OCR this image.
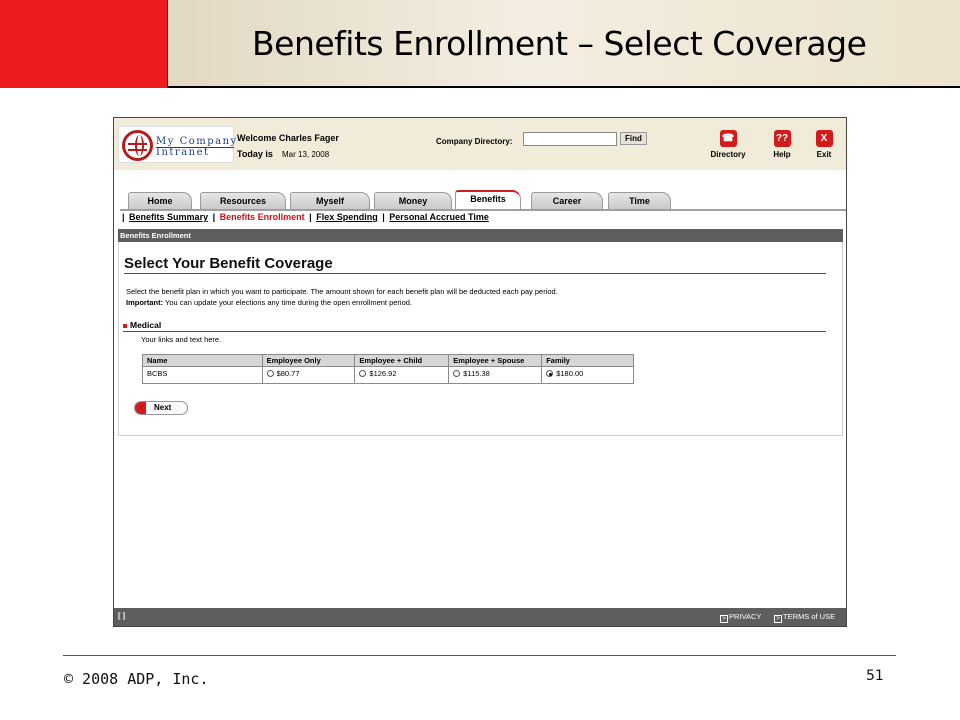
Benefits Enrollment – Select Coverage
My Company
Intranet
Welcome Charles Fager
Today is Mar 13, 2008
Company Directory:	Find	☎
Directory
??
Help
X
Exit
Home	Resources	Myself	Money	Benefits	Career	Time
| Benefits Summary | Benefits Enrollment | Flex Spending | Personal Accrued Time
Benefits Enrollment
Select Your Benefit Coverage
Select the benefit plan in which you want to participate. The amount shown for each benefit plan will be deducted each pay period.
Important: You can update your elections any time during the open enrollment period.
Medical
Your links and text here.
Name	Employee Only	Employee + Child	Employee + Spouse	Family
BCBS	$80.77	$126.92	$115.38	$180.00
Next
[ ]	> PRIVACY	> TERMS of USE
© 2008 ADP, Inc.	51
